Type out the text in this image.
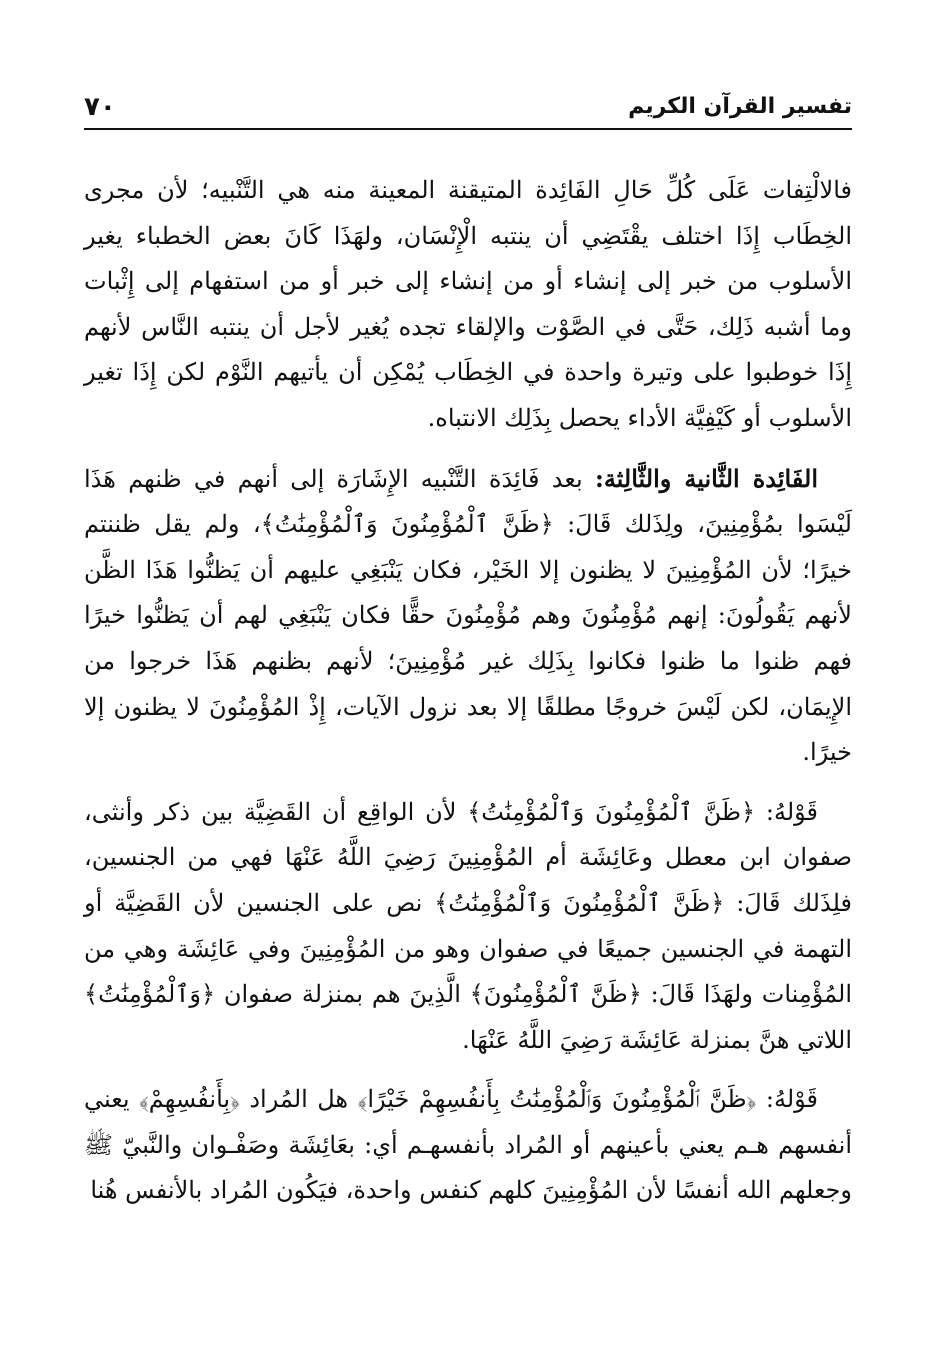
٧٠	تفسير القرآن الكريم

فالالْتِفات عَلَى كُلِّ حَالِ الفَائِدة المتيقنة المعينة منه هي التَّنْبيه؛ لأن مجرى الخِطَاب إِذَا اختلف يقْتَضِي أن ينتبه الْإِنْسَان، ولهَذَا كَانَ بعض الخطباء يغير الأسلوب من خبر إلى إنشاء أو من إنشاء إلى خبر أو من استفهام إلى إِثْبات وما أشبه ذَلِك، حَتَّى في الصَّوْت والإلقاء تجده يُغير لأجل أن ينتبه النَّاس لأنهم إِذَا خوطبوا على وتيرة واحدة في الخِطَاب يُمْكِن أن يأتيهم النَّوْم لكن إِذَا تغير الأسلوب أو كَيْفِيَّة الأداء يحصل بِذَلِك الانتباه.

الفَائِدة الثَّانية والثَّالِثة: بعد فَائِدَة التَّنْبيه الإِشَارَة إلى أنهم في ظنهم هَذَا لَيْسَوا بمُؤْمِنِينَ، ولِذَلك قَالَ: ﴿ظَنَّ ٱلْمُؤْمِنُونَ وَٱلْمُؤْمِنَٰتُ﴾، ولم يقل ظننتم خيرًا؛ لأن المُؤْمِنِينَ لا يظنون إلا الخَيْر، فكان يَنْبَغِي عليهم أن يَظنُّوا هَذَا الظَّن لأنهم يَقُولُونَ: إنهم مُؤْمِنُونَ وهم مُؤْمِنُونَ حقًّا فكان يَنْبَغِي لهم أن يَظنُّوا خيرًا فهم ظنوا ما ظنوا فكانوا بِذَلِك غير مُؤْمِنِينَ؛ لأنهم بظنهم هَذَا خرجوا من الإِيمَان، لكن لَيْسَ خروجًا مطلقًا إلا بعد نزول الآيات، إِذْ المُؤْمِنُونَ لا يظنون إلا خيرًا.

قَوْلهُ: ﴿ظَنَّ ٱلْمُؤْمِنُونَ وَٱلْمُؤْمِنَٰتُ﴾ لأن الواقِع أن القَضِيَّة بين ذكر وأنثى، صفوان ابن معطل وعَائِشَة أم المُؤْمِنِينَ رَضِيَ اللَّهُ عَنْهَا فهي من الجنسين، فلِذَلك قَالَ: ﴿ظَنَّ ٱلْمُؤْمِنُونَ وَٱلْمُؤْمِنَٰتُ﴾ نص على الجنسين لأن القَضِيَّة أو التهمة في الجنسين جميعًا في صفوان وهو من المُؤْمِنِينَ وفي عَائِشَة وهي من المُؤْمِنات ولهَذَا قَالَ: ﴿ظَنَّ ٱلْمُؤْمِنُونَ﴾ الَّذِينَ هم بمنزلة صفوان ﴿وَٱلْمُؤْمِنَٰتُ﴾ اللاتي هنَّ بمنزلة عَائِشَة رَضِيَ اللَّهُ عَنْهَا.

قَوْلهُ: ﴿ظَنَّ ٱلْمُؤْمِنُونَ وَٱلْمُؤْمِنَٰتُ بِأَنفُسِهِمْ خَيْرًا﴾ هل المُراد ﴿بِأَنفُسِهِمْ﴾ يعني أنفسهم هـم يعني بأعينهم أو المُراد بأنفسهـم أي: بعَائِشَة وصَفْـوان والنَّبيّ ﷺ وجعلهم الله أنفسًا لأن المُؤْمِنِينَ كلهم كنفس واحدة، فيَكُون المُراد بالأنفس هُنا
